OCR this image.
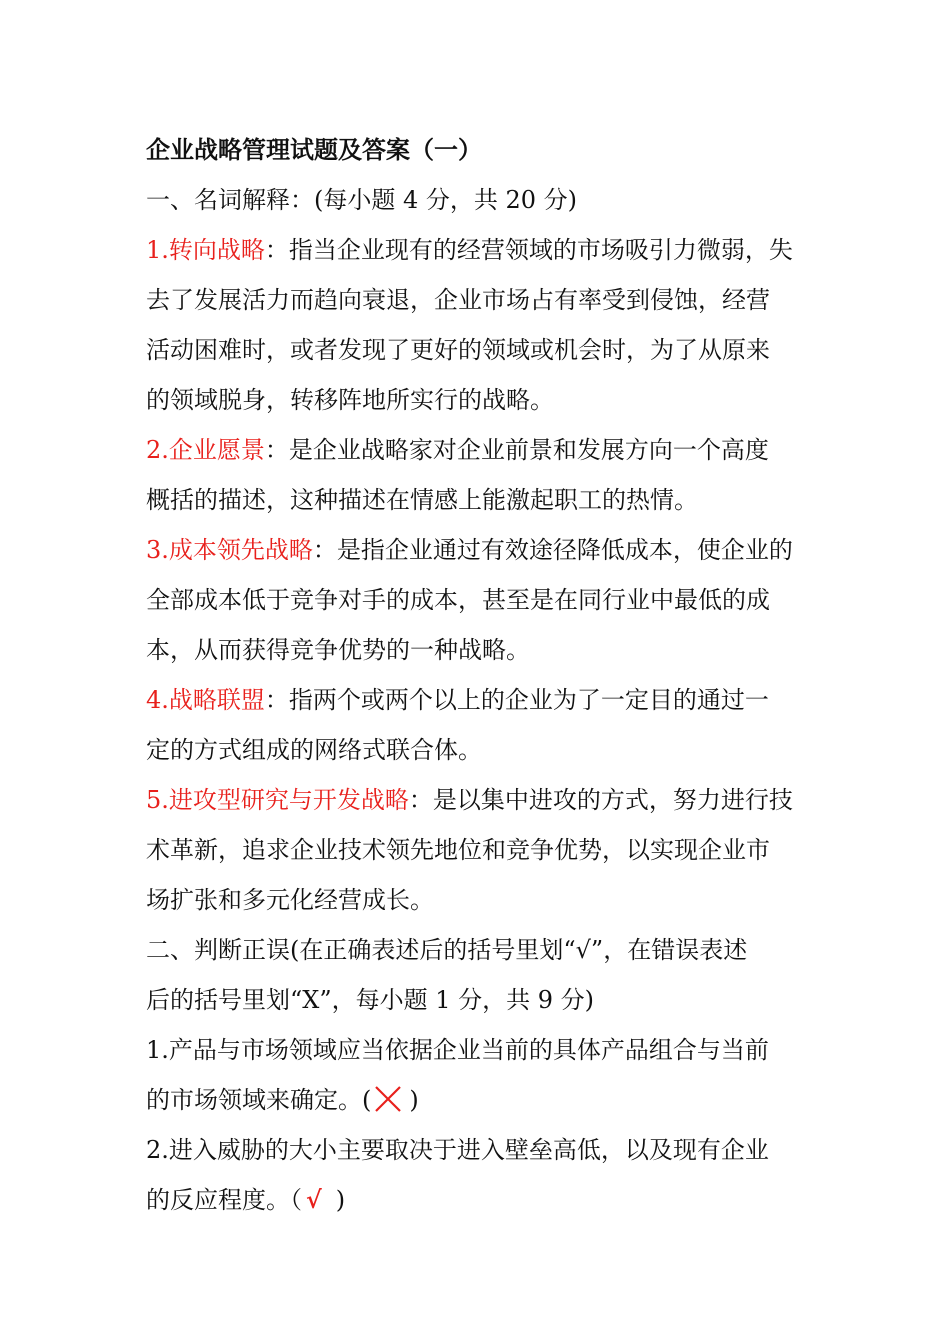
企业战略管理试题及答案（一）
一、名词解释：(每小题 4 分，共 20 分)
1.转向战略：指当企业现有的经营领域的市场吸引力微弱，失
去了发展活力而趋向衰退，企业市场占有率受到侵蚀，经营
活动困难时，或者发现了更好的领域或机会时，为了从原来
的领域脱身，转移阵地所实行的战略。
2.企业愿景：是企业战略家对企业前景和发展方向一个高度
概括的描述，这种描述在情感上能激起职工的热情。
3.成本领先战略：是指企业通过有效途径降低成本，使企业的
全部成本低于竞争对手的成本，甚至是在同行业中最低的成
本，从而获得竞争优势的一种战略。
4.战略联盟：指两个或两个以上的企业为了一定目的通过一
定的方式组成的网络式联合体。
5.进攻型研究与开发战略：是以集中进攻的方式，努力进行技
术革新，追求企业技术领先地位和竞争优势，以实现企业市
场扩张和多元化经营成长。
二、判断正误(在正确表述后的括号里划“√”，在错误表述
后的括号里划“X”，每小题 1 分，共 9 分)
1.产品与市场领域应当依据企业当前的具体产品组合与当前
的市场领域来确定。( )
2.进入威胁的大小主要取决于进入壁垒高低，以及现有企业
的反应程度。（ √ )
